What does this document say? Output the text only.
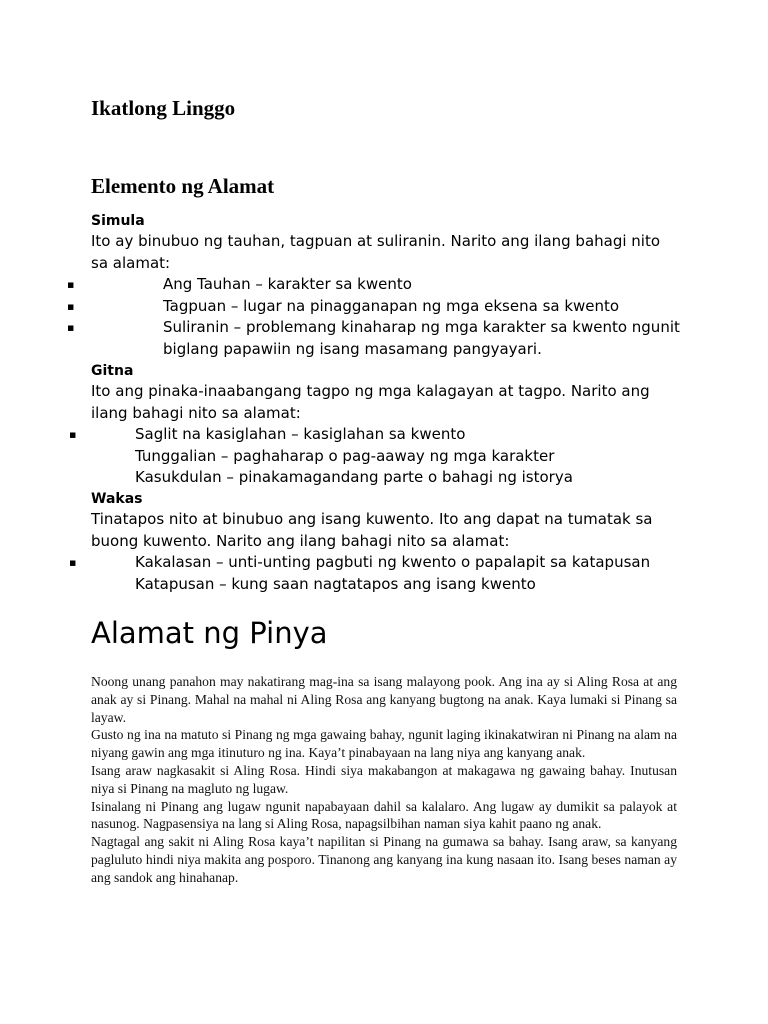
Ikatlong Linggo
Elemento ng Alamat
Simula
Ito ay binubuo ng tauhan, tagpuan at suliranin. Narito ang ilang bahagi nito sa alamat:
▪	Ang Tauhan – karakter sa kwento
▪	Tagpuan – lugar na pinagganapan ng mga eksena sa kwento
▪	Suliranin – problemang kinaharap ng mga karakter sa kwento ngunit biglang papawiin ng isang masamang pangyayari.
Gitna
Ito ang pinaka-inaabangang tagpo ng mga kalagayan at tagpo. Narito ang ilang bahagi nito sa alamat:
▪	Saglit na kasiglahan – kasiglahan sa kwento
Tunggalian – paghaharap o pag-aaway ng mga karakter
Kasukdulan – pinakamagandang parte o bahagi ng istorya
Wakas
Tinatapos nito at binubuo ang isang kuwento. Ito ang dapat na tumatak sa buong kuwento. Narito ang ilang bahagi nito sa alamat:
▪	Kakalasan – unti-unting pagbuti ng kwento o papalapit sa katapusan
Katapusan – kung saan nagtatapos ang isang kwento
Alamat ng Pinya

Noong unang panahon may nakatirang mag-ina sa isang malayong pook. Ang ina ay si Aling Rosa at ang anak ay si Pinang. Mahal na mahal ni Aling Rosa ang kanyang bugtong na anak. Kaya lumaki si Pinang sa layaw.

Gusto ng ina na matuto si Pinang ng mga gawaing bahay, ngunit laging ikinakatwiran ni Pinang na alam na niyang gawin ang mga itinuturo ng ina. Kaya’t pinabayaan na lang niya ang kanyang anak.

Isang araw nagkasakit si Aling Rosa. Hindi siya makabangon at makagawa ng gawaing bahay. Inutusan niya si Pinang na magluto ng lugaw.

Isinalang ni Pinang ang lugaw ngunit napabayaan dahil sa kalalaro. Ang lugaw ay dumikit sa palayok at nasunog. Nagpasensiya na lang si Aling Rosa, napagsilbihan naman siya kahit paano ng anak.

Nagtagal ang sakit ni Aling Rosa kaya’t napilitan si Pinang na gumawa sa bahay. Isang araw, sa kanyang pagluluto hindi niya makita ang posporo. Tinanong ang kanyang ina kung nasaan ito. Isang beses naman ay ang sandok ang hinahanap.
